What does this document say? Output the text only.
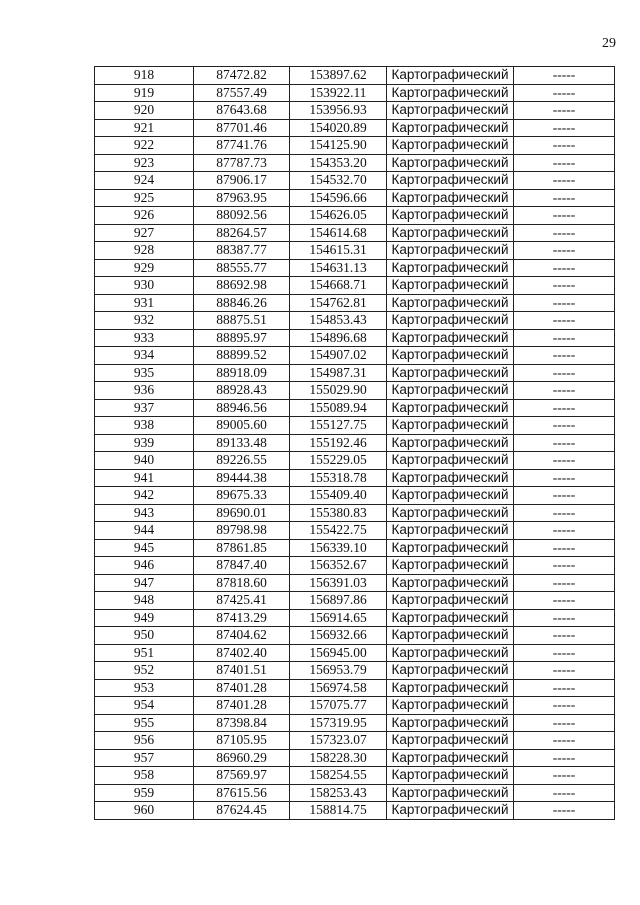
29
918	87472.82	153897.62	Картографический	-----
919	87557.49	153922.11	Картографический	-----
920	87643.68	153956.93	Картографический	-----
921	87701.46	154020.89	Картографический	-----
922	87741.76	154125.90	Картографический	-----
923	87787.73	154353.20	Картографический	-----
924	87906.17	154532.70	Картографический	-----
925	87963.95	154596.66	Картографический	-----
926	88092.56	154626.05	Картографический	-----
927	88264.57	154614.68	Картографический	-----
928	88387.77	154615.31	Картографический	-----
929	88555.77	154631.13	Картографический	-----
930	88692.98	154668.71	Картографический	-----
931	88846.26	154762.81	Картографический	-----
932	88875.51	154853.43	Картографический	-----
933	88895.97	154896.68	Картографический	-----
934	88899.52	154907.02	Картографический	-----
935	88918.09	154987.31	Картографический	-----
936	88928.43	155029.90	Картографический	-----
937	88946.56	155089.94	Картографический	-----
938	89005.60	155127.75	Картографический	-----
939	89133.48	155192.46	Картографический	-----
940	89226.55	155229.05	Картографический	-----
941	89444.38	155318.78	Картографический	-----
942	89675.33	155409.40	Картографический	-----
943	89690.01	155380.83	Картографический	-----
944	89798.98	155422.75	Картографический	-----
945	87861.85	156339.10	Картографический	-----
946	87847.40	156352.67	Картографический	-----
947	87818.60	156391.03	Картографический	-----
948	87425.41	156897.86	Картографический	-----
949	87413.29	156914.65	Картографический	-----
950	87404.62	156932.66	Картографический	-----
951	87402.40	156945.00	Картографический	-----
952	87401.51	156953.79	Картографический	-----
953	87401.28	156974.58	Картографический	-----
954	87401.28	157075.77	Картографический	-----
955	87398.84	157319.95	Картографический	-----
956	87105.95	157323.07	Картографический	-----
957	86960.29	158228.30	Картографический	-----
958	87569.97	158254.55	Картографический	-----
959	87615.56	158253.43	Картографический	-----
960	87624.45	158814.75	Картографический	-----
